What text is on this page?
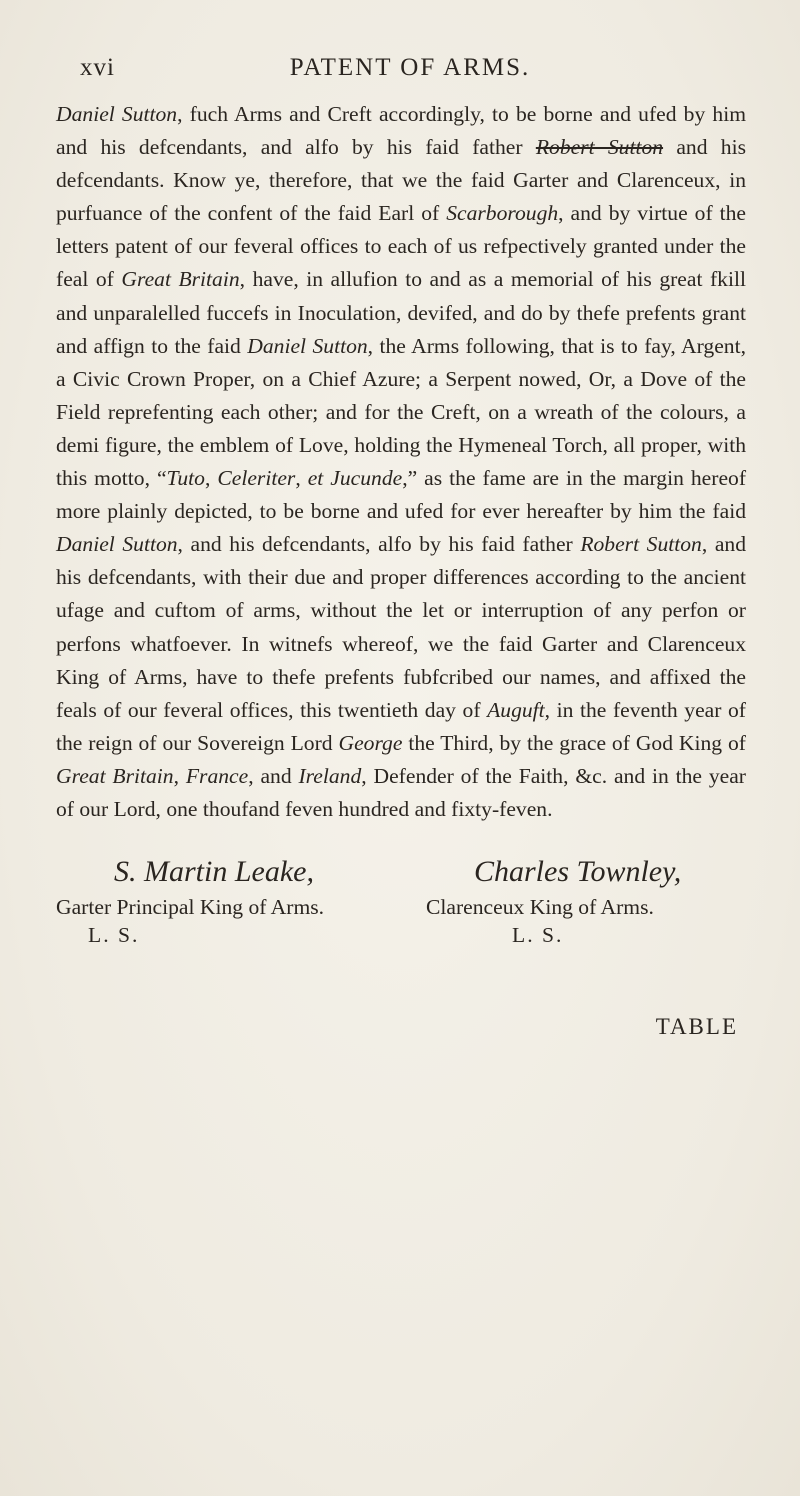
xvi	PATENT OF ARMS.

Daniel Sutton, fuch Arms and Creft accordingly, to be borne and ufed by him and his defcendants, and alfo by his faid father Robert Sutton and his defcendants. Know ye, therefore, that we the faid Garter and Clarenceux, in purfuance of the confent of the faid Earl of Scarborough, and by virtue of the letters patent of our feveral offices to each of us refpectively granted under the feal of Great Britain, have, in allufion to and as a memorial of his great fkill and unparalelled fuccefs in Inoculation, devifed, and do by thefe prefents grant and affign to the faid Daniel Sutton, the Arms following, that is to fay, Argent, a Civic Crown Proper, on a Chief Azure; a Serpent nowed, Or, a Dove of the Field reprefenting each other; and for the Creft, on a wreath of the colours, a demi figure, the emblem of Love, holding the Hymeneal Torch, all proper, with this motto, “Tuto, Celeriter, et Jucunde,” as the fame are in the margin hereof more plainly depicted, to be borne and ufed for ever hereafter by him the faid Daniel Sutton, and his defcendants, alfo by his faid father Robert Sutton, and his defcendants, with their due and proper differences according to the ancient ufage and cuftom of arms, without the let or interruption of any perfon or perfons whatfoever. In witnefs whereof, we the faid Garter and Clarenceux King of Arms, have to thefe prefents fubfcribed our names, and affixed the feals of our feveral offices, this twentieth day of Auguft, in the feventh year of the reign of our Sovereign Lord George the Third, by the grace of God King of Great Britain, France, and Ireland, Defender of the Faith, &c. and in the year of our Lord, one thoufand feven hundred and fixty-feven.

S. Martin Leake,
Garter Principal King of Arms.
L. S.
Charles Townley,
Clarenceux King of Arms.
L. S.
TABLE
